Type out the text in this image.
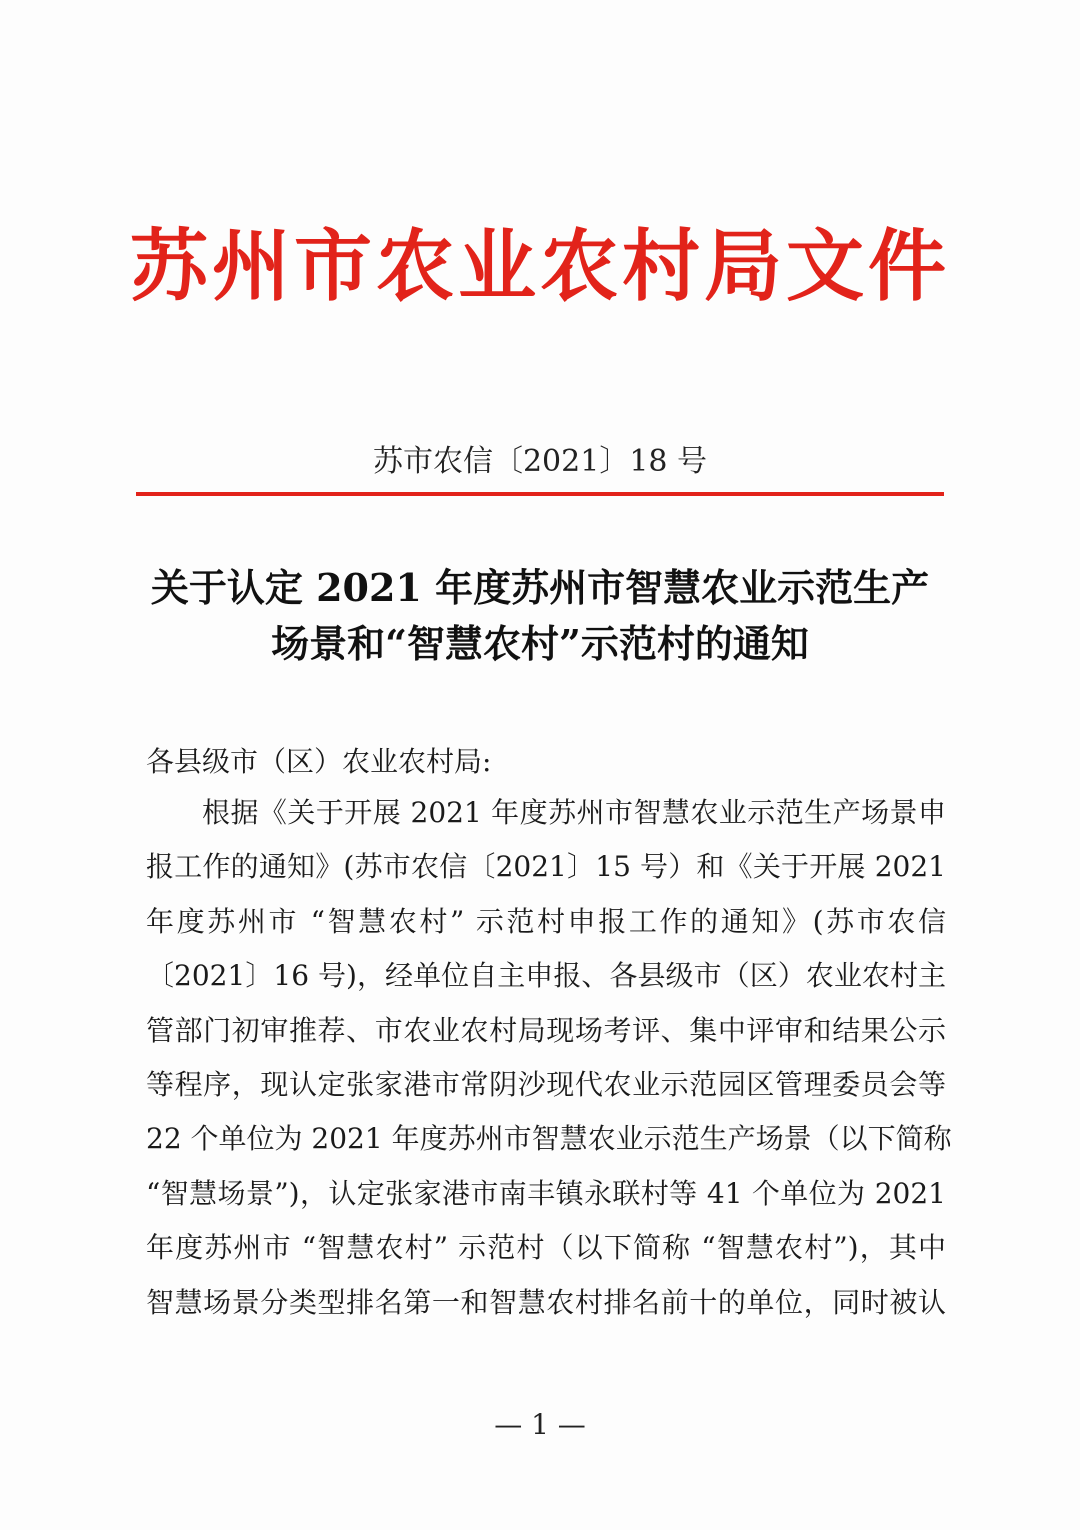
苏州市农业农村局文件
苏市农信〔2021〕18 号
关于认定 2021 年度苏州市智慧农业示范生产
场景和“智慧农村”示范村的通知
各县级市（区）农业农村局:
根据《关于开展 2021 年度苏州市智慧农业示范生产场景申
报工作的通知》(苏市农信〔2021〕15 号）和《关于开展 2021
年度苏州市 “智慧农村” 示范村申报工作的通知》(苏市农信
〔2021〕16 号)，经单位自主申报、各县级市（区）农业农村主
管部门初审推荐、市农业农村局现场考评、集中评审和结果公示
等程序，现认定张家港市常阴沙现代农业示范园区管理委员会等
22 个单位为 2021 年度苏州市智慧农业示范生产场景（以下简称
“智慧场景”)，认定张家港市南丰镇永联村等 41 个单位为 2021
年度苏州市 “智慧农村” 示范村（以下简称 “智慧农村”)，其中
智慧场景分类型排名第一和智慧农村排名前十的单位，同时被认
— 1 —
